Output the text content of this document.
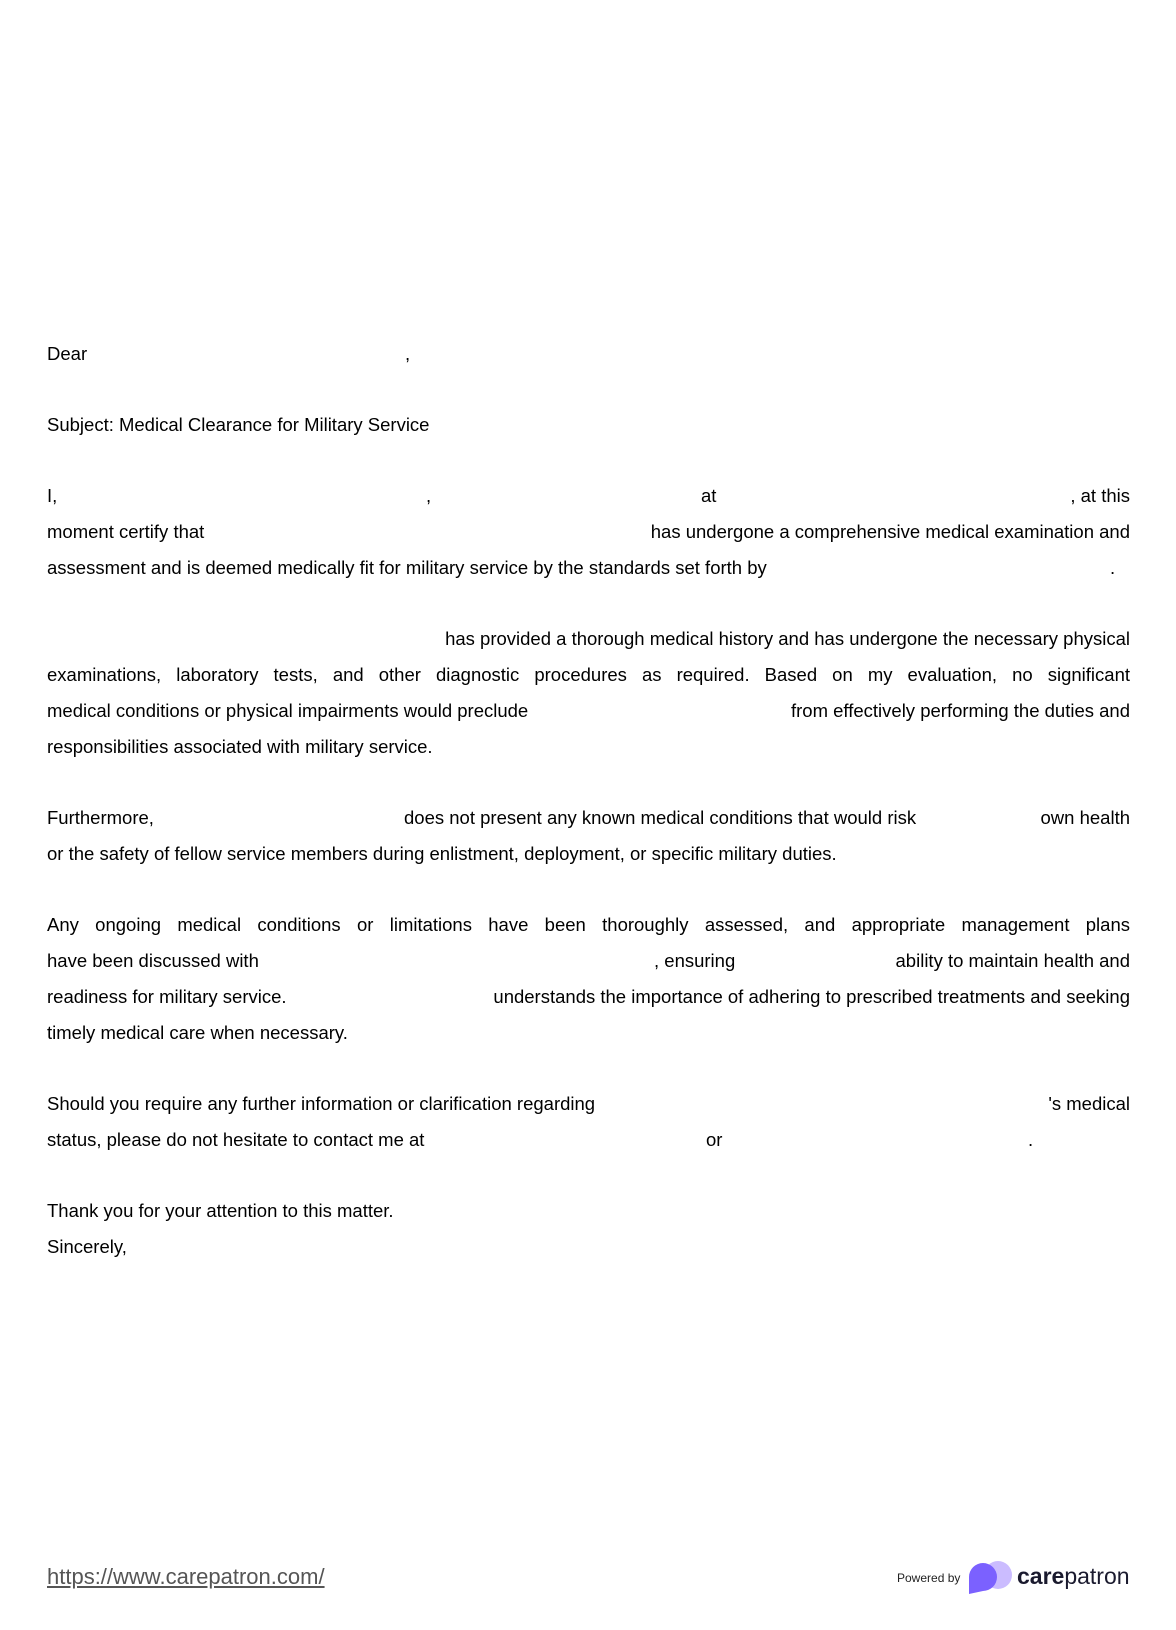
Dear	,
Subject: Medical Clearance for Military Service
I,	,	at	, at this
moment certify that	has undergone a comprehensive medical examination and
assessment and is deemed medically fit for military service by the standards set forth by	.
has provided a thorough medical history and has undergone the necessary physical
examinations, laboratory tests, and other diagnostic procedures as required. Based on my evaluation, no significant
medical conditions or physical impairments would preclude	from effectively performing the duties and
responsibilities associated with military service.
Furthermore,	does not present any known medical conditions that would risk	own health
or the safety of fellow service members during enlistment, deployment, or specific military duties.
Any ongoing medical conditions or limitations have been thoroughly assessed, and appropriate management plans
have been discussed with	, ensuring	ability to maintain health and
readiness for military service.	understands the importance of adhering to prescribed treatments and seeking
timely medical care when necessary.
Should you require any further information or clarification regarding	's medical
status, please do not hesitate to contact me at	or	.
Thank you for your attention to this matter.
Sincerely,
https://www.carepatron.com/	Powered by carepatron
